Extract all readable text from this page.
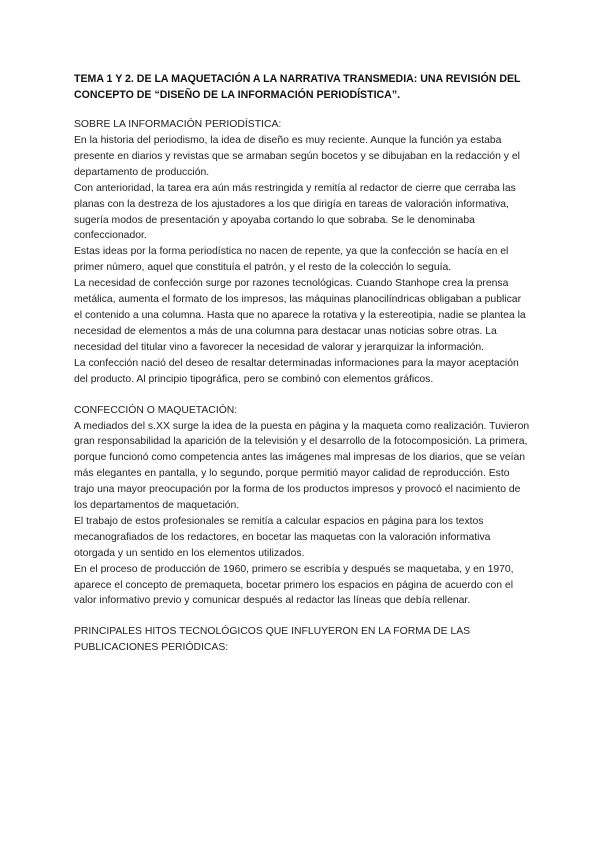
TEMA 1 Y 2. DE LA MAQUETACIÓN A LA NARRATIVA TRANSMEDIA: UNA REVISIÓN DEL CONCEPTO DE “DISEÑO DE LA INFORMACIÓN PERIODÍSTICA”.

SOBRE LA INFORMACIÓN PERIODÍSTICA:

En la historia del periodismo, la idea de diseño es muy reciente. Aunque la función ya estaba presente en diarios y revistas que se armaban según bocetos y se dibujaban en la redacción y el departamento de producción.

Con anterioridad, la tarea era aún más restringida y remitía al redactor de cierre que cerraba las planas con la destreza de los ajustadores a los que dirigía en tareas de valoración informativa, sugería modos de presentación y apoyaba cortando lo que sobraba. Se le denominaba confeccionador.

Estas ideas por la forma periodística no nacen de repente, ya que la confección se hacía en el primer número, aquel que constituía el patrón, y el resto de la colección lo seguía.

La necesidad de confección surge por razones tecnológicas. Cuando Stanhope crea la prensa metálica, aumenta el formato de los impresos, las máquinas planocilíndricas obligaban a publicar el contenido a una columna. Hasta que no aparece la rotativa y la estereotipia, nadie se plantea la necesidad de elementos a más de una columna para destacar unas noticias sobre otras. La necesidad del titular vino a favorecer la necesidad de valorar y jerarquizar la información.

La confección nació del deseo de resaltar determinadas informaciones para la mayor aceptación del producto. Al principio tipográfica, pero se combinó con elementos gráficos.

CONFECCIÓN O MAQUETACIÓN:

A mediados del s.XX surge la idea de la puesta en página y la maqueta como realización. Tuvieron gran responsabilidad la aparición de la televisión y el desarrollo de la fotocomposición. La primera, porque funcionó como competencia antes las imágenes mal impresas de los diarios, que se veían más elegantes en pantalla, y lo segundo, porque permitió mayor calidad de reproducción. Esto trajo una mayor preocupación por la forma de los productos impresos y provocó el nacimiento de los departamentos de maquetación.

El trabajo de estos profesionales se remitía a calcular espacios en página para los textos mecanografiados de los redactores, en bocetar las maquetas con la valoración informativa otorgada y un sentido en los elementos utilizados.

En el proceso de producción de 1960, primero se escribía y después se maquetaba, y en 1970, aparece el concepto de premaqueta, bocetar primero los espacios en página de acuerdo con el valor informativo previo y comunicar después al redactor las líneas que debía rellenar.

PRINCIPALES HITOS TECNOLÓGICOS QUE INFLUYERON EN LA FORMA DE LAS PUBLICACIONES PERIÓDICAS:
